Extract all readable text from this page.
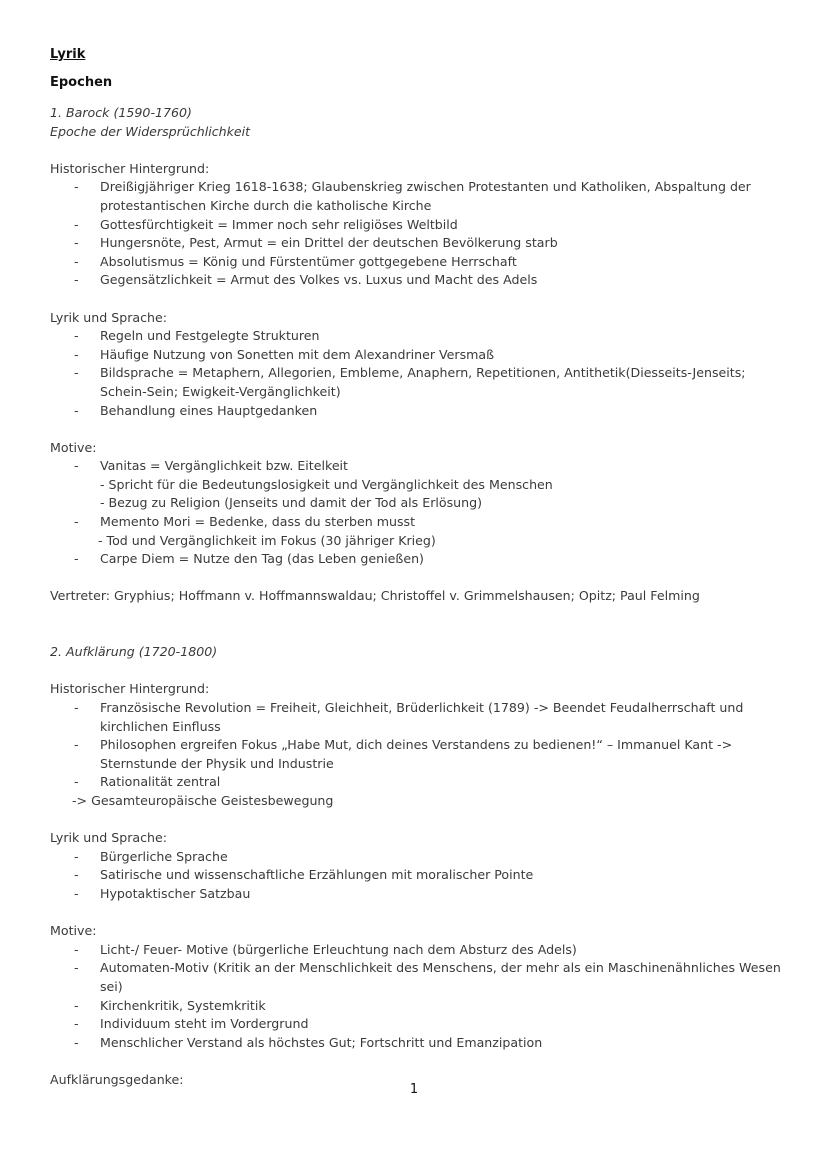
Lyrik
Epochen
1. Barock (1590-1760)
Epoche der Widersprüchlichkeit
Historischer Hintergrund:
- Dreißigjähriger Krieg 1618-1638; Glaubenskrieg zwischen Protestanten und Katholiken, Abspaltung der protestantischen Kirche durch die katholische Kirche
- Gottesfürchtigkeit = Immer noch sehr religiöses Weltbild
- Hungersnöte, Pest, Armut = ein Drittel der deutschen Bevölkerung starb
- Absolutismus = König und Fürstentümer gottgegebene Herrschaft
- Gegensätzlichkeit = Armut des Volkes vs. Luxus und Macht des Adels
Lyrik und Sprache:
- Regeln und Festgelegte Strukturen
- Häufige Nutzung von Sonetten mit dem Alexandriner Versmaß
- Bildsprache = Metaphern, Allegorien, Embleme, Anaphern, Repetitionen, Antithetik(Diesseits-Jenseits; Schein-Sein; Ewigkeit-Vergänglichkeit)
- Behandlung eines Hauptgedanken
Motive:
- Vanitas = Vergänglichkeit bzw. Eitelkeit
- Spricht für die Bedeutungslosigkeit und Vergänglichkeit des Menschen
- Bezug zu Religion (Jenseits und damit der Tod als Erlösung)
- Memento Mori = Bedenke, dass du sterben musst
- Tod und Vergänglichkeit im Fokus (30 jähriger Krieg)
- Carpe Diem = Nutze den Tag (das Leben genießen)
Vertreter: Gryphius; Hoffmann v. Hoffmannswaldau; Christoffel v. Grimmelshausen; Opitz; Paul Felming
2. Aufklärung (1720-1800)
Historischer Hintergrund:
- Französische Revolution = Freiheit, Gleichheit, Brüderlichkeit (1789) -> Beendet Feudalherrschaft und kirchlichen Einfluss
- Philosophen ergreifen Fokus „Habe Mut, dich deines Verstandens zu bedienen!“ – Immanuel Kant -> Sternstunde der Physik und Industrie
- Rationalität zentral
-> Gesamteuropäische Geistesbewegung
Lyrik und Sprache:
- Bürgerliche Sprache
- Satirische und wissenschaftliche Erzählungen mit moralischer Pointe
- Hypotaktischer Satzbau
Motive:
- Licht-/ Feuer- Motive (bürgerliche Erleuchtung nach dem Absturz des Adels)
- Automaten-Motiv (Kritik an der Menschlichkeit des Menschens, der mehr als ein Maschinenähnliches Wesen sei)
- Kirchenkritik, Systemkritik
- Individuum steht im Vordergrund
- Menschlicher Verstand als höchstes Gut; Fortschritt und Emanzipation
Aufklärungsgedanke:
1
